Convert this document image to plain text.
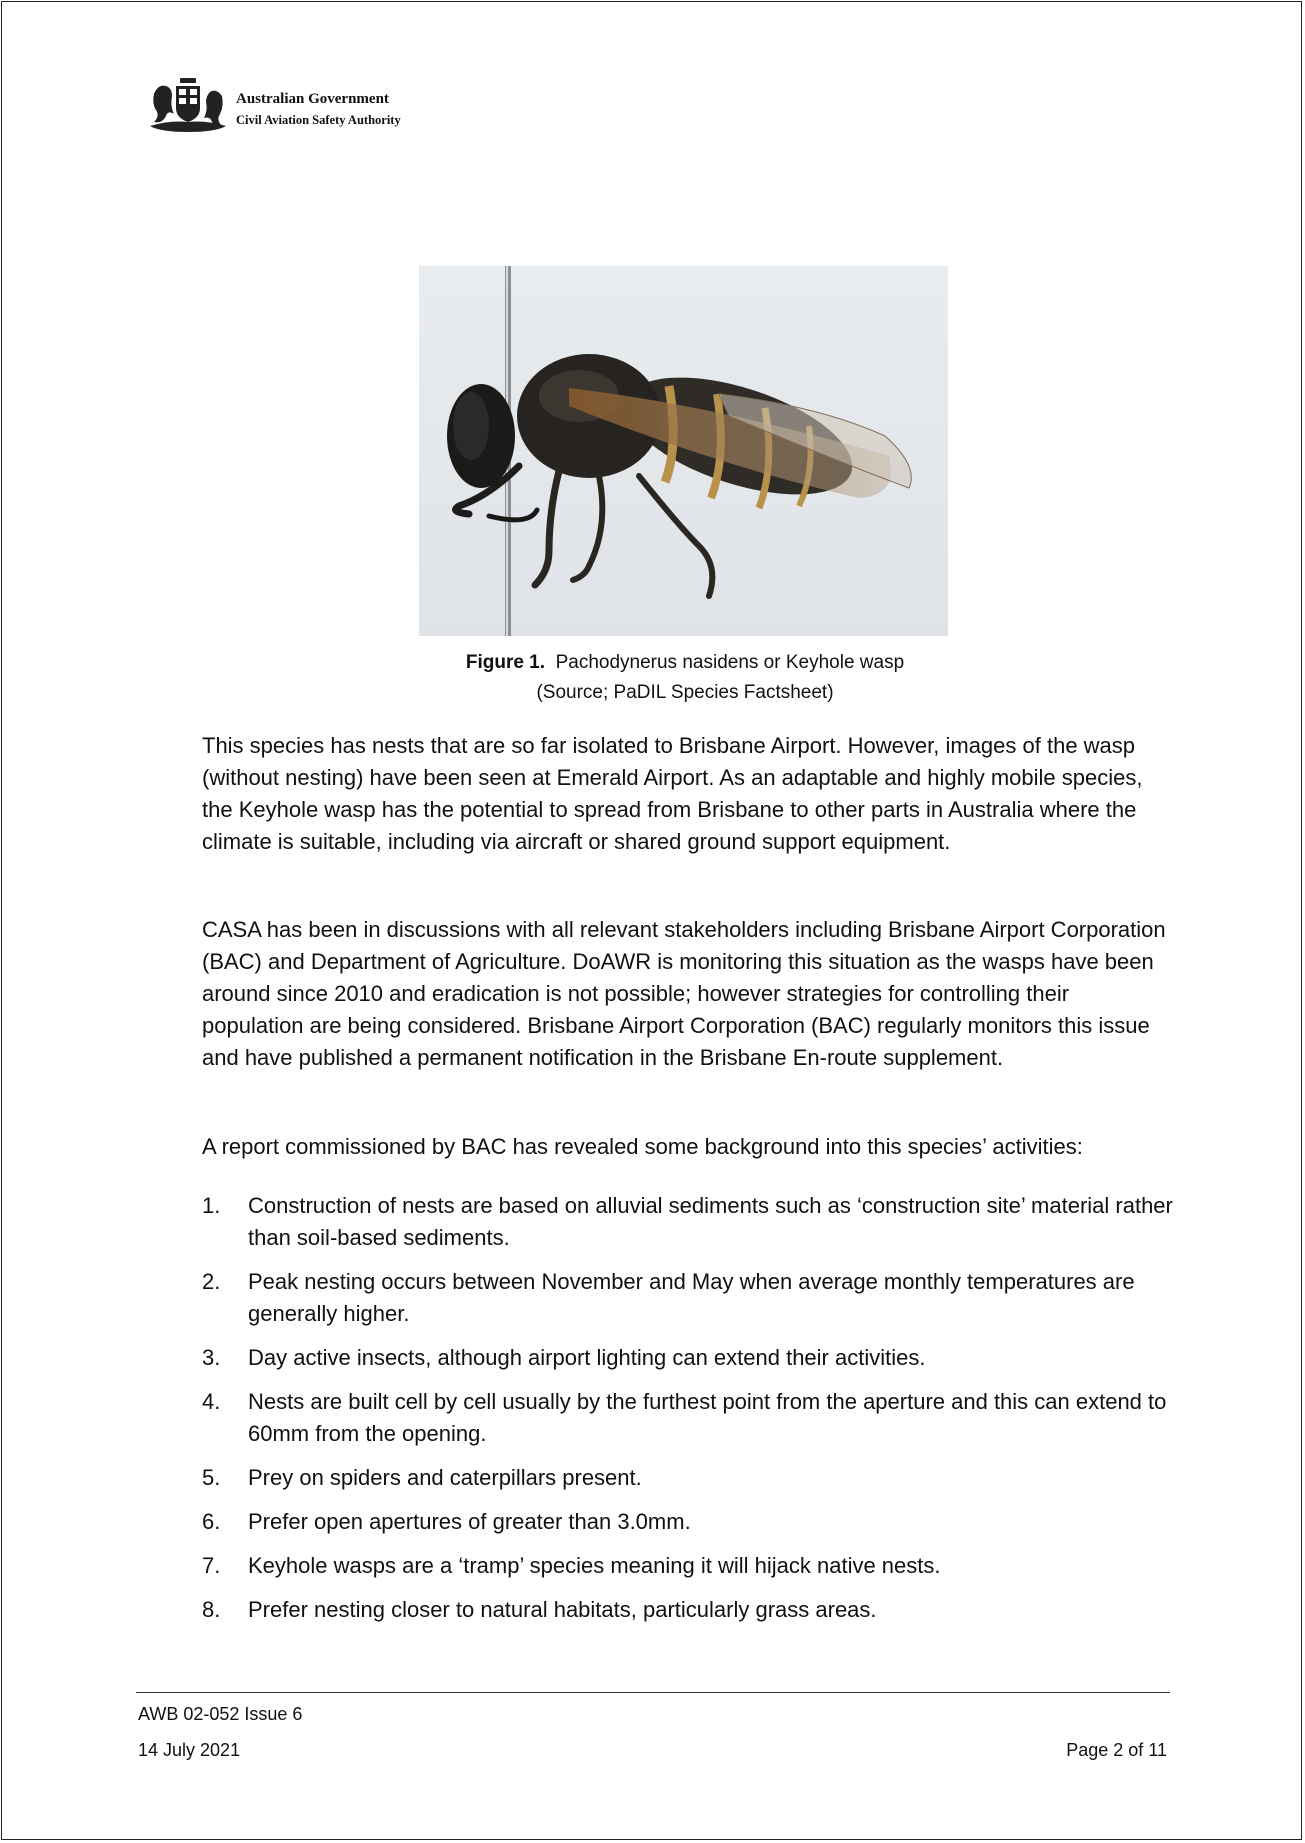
Australian Government
Civil Aviation Safety Authority
Figure 1. Pachodynerus nasidens or Keyhole wasp
(Source; PaDIL Species Factsheet)

This species has nests that are so far isolated to Brisbane Airport. However, images of the wasp (without nesting) have been seen at Emerald Airport. As an adaptable and highly mobile species, the Keyhole wasp has the potential to spread from Brisbane to other parts in Australia where the climate is suitable, including via aircraft or shared ground support equipment.

CASA has been in discussions with all relevant stakeholders including Brisbane Airport Corporation (BAC) and Department of Agriculture. DoAWR is monitoring this situation as the wasps have been around since 2010 and eradication is not possible; however strategies for controlling their population are being considered. Brisbane Airport Corporation (BAC) regularly monitors this issue and have published a permanent notification in the Brisbane En-route supplement.

A report commissioned by BAC has revealed some background into this species’ activities:

1. Construction of nests are based on alluvial sediments such as ‘construction site’ material rather than soil-based sediments.
2. Peak nesting occurs between November and May when average monthly temperatures are generally higher.
3. Day active insects, although airport lighting can extend their activities.
4. Nests are built cell by cell usually by the furthest point from the aperture and this can extend to 60mm from the opening.
5. Prey on spiders and caterpillars present.
6. Prefer open apertures of greater than 3.0mm.
7. Keyhole wasps are a ‘tramp’ species meaning it will hijack native nests.
8. Prefer nesting closer to natural habitats, particularly grass areas.
AWB 02-052 Issue 6
14 July 2021	Page 2 of 11
